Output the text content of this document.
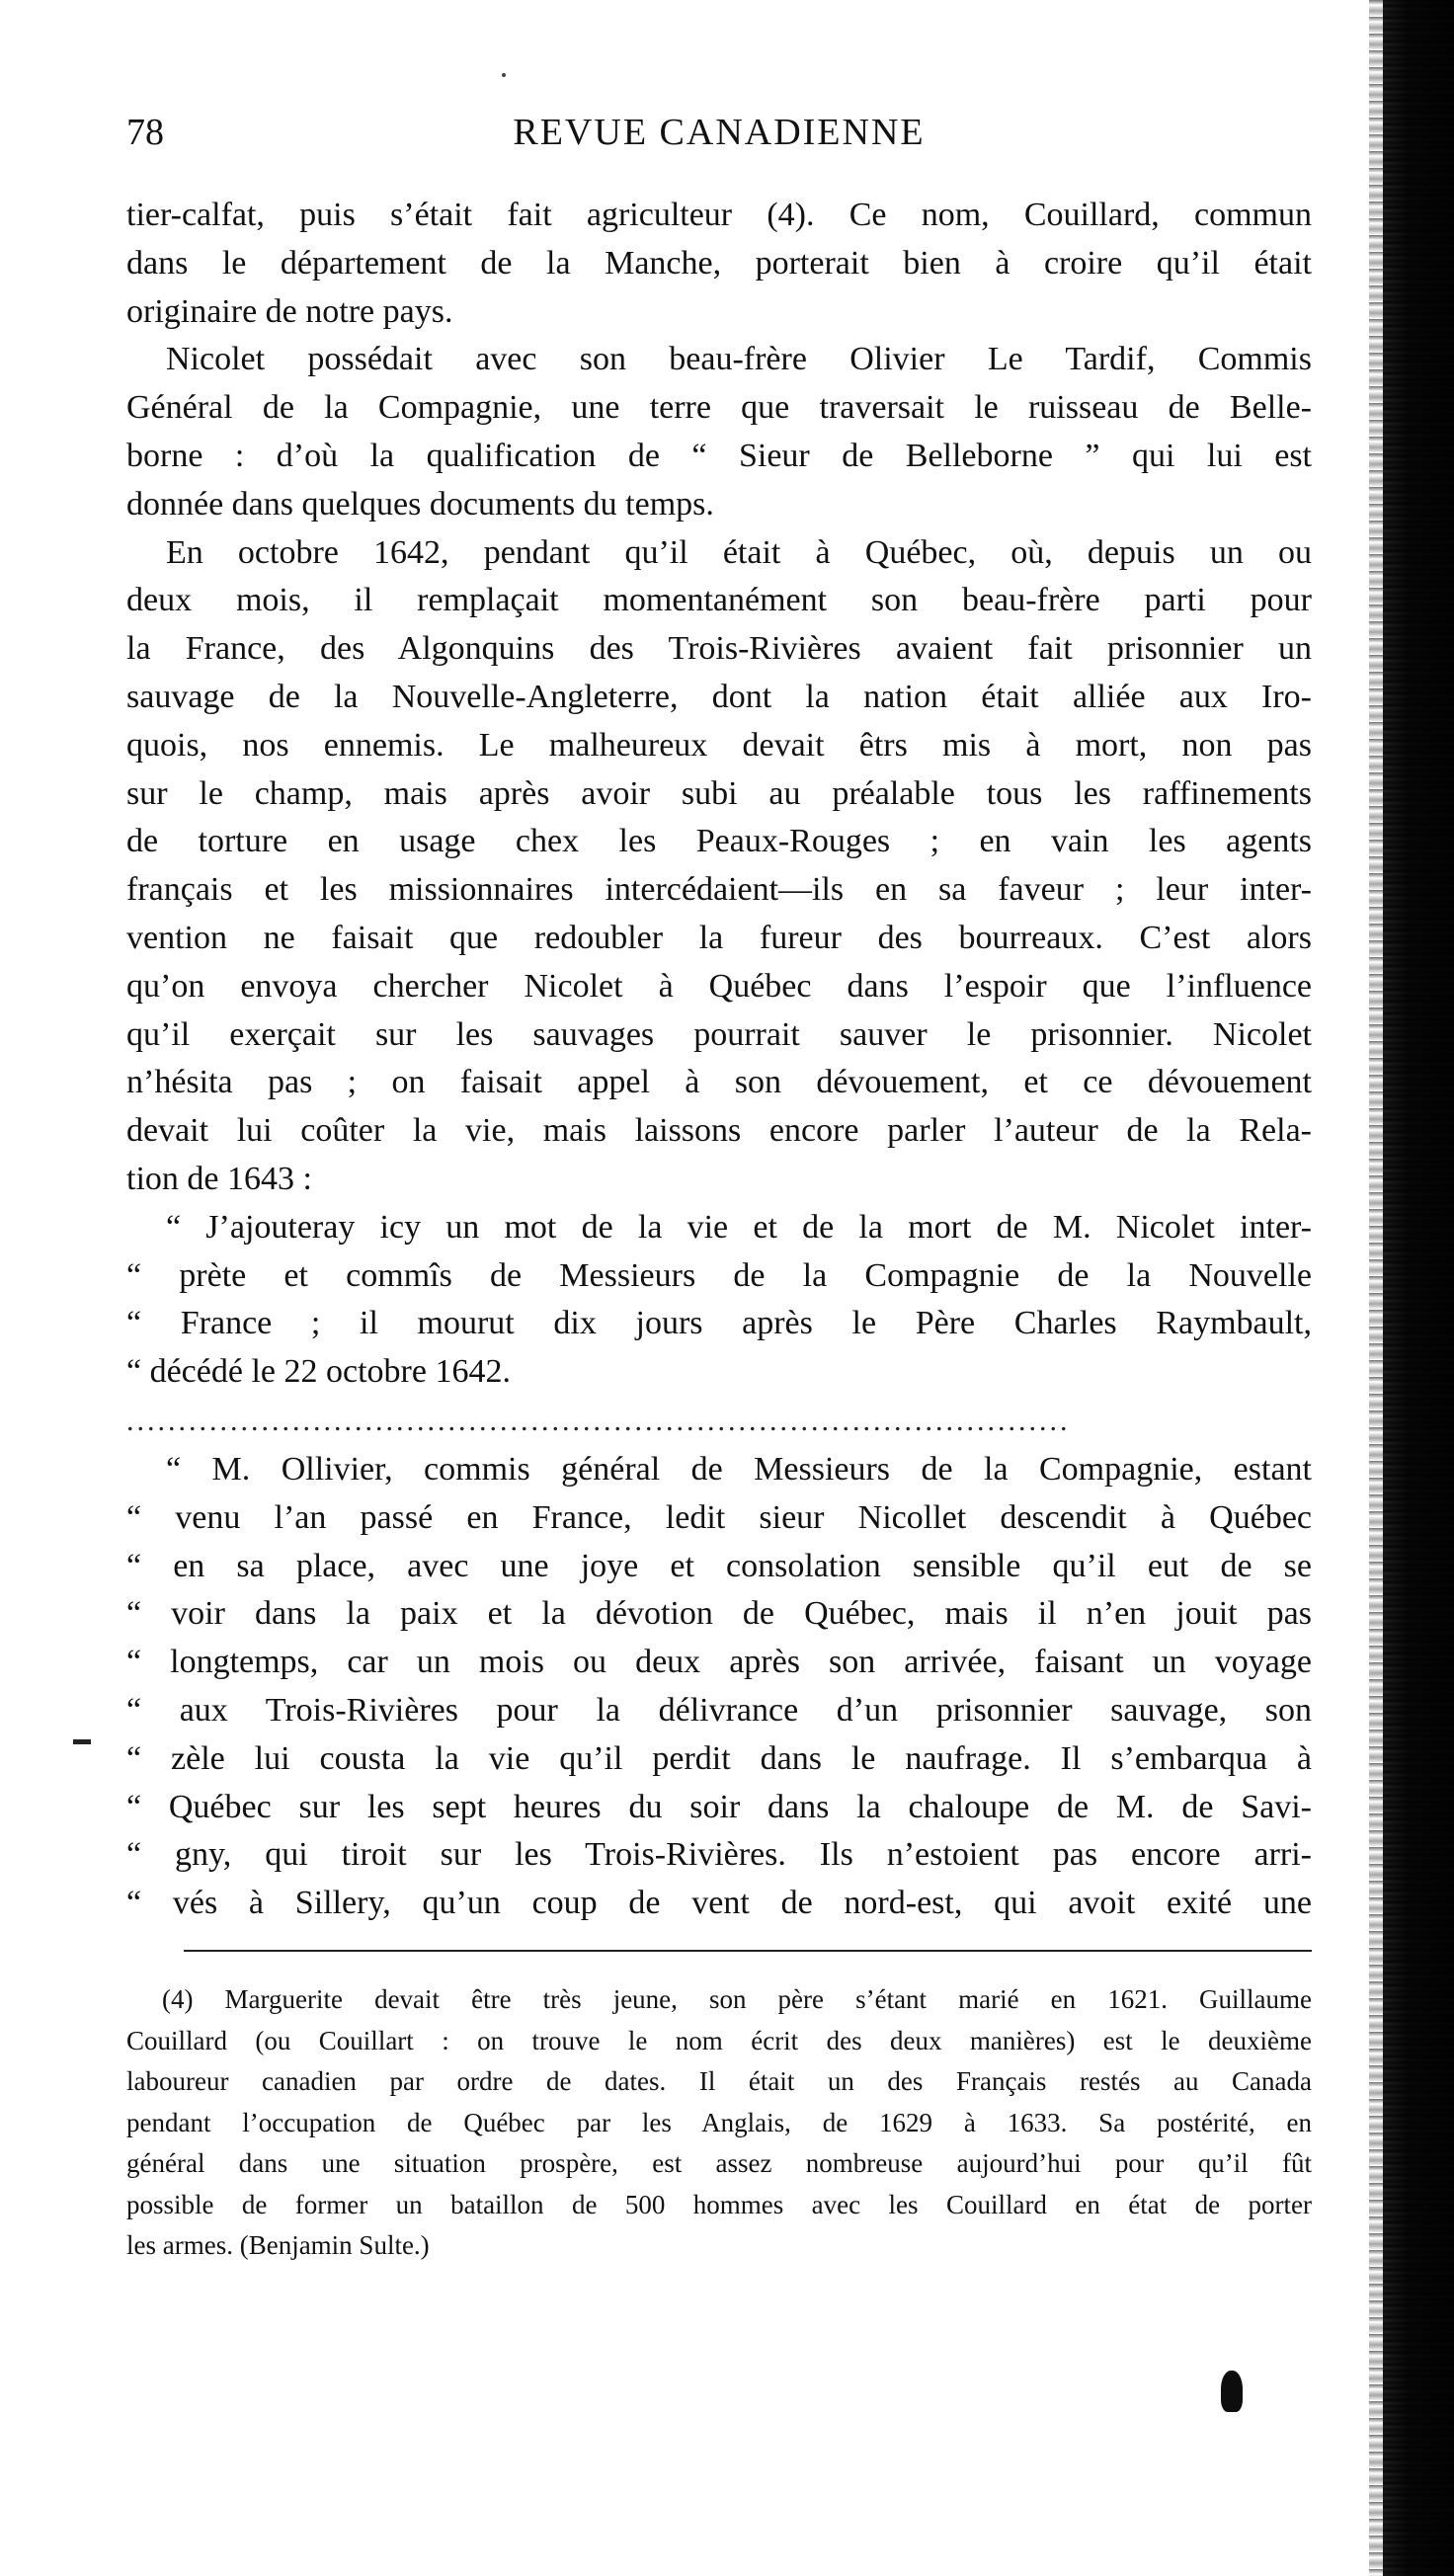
78	REVUE CANADIENNE
tier-calfat, puis s’était fait agriculteur (4). Ce nom, Couillard, commun
dans le département de la Manche, porterait bien à croire qu’il était
originaire de notre pays.
Nicolet possédait avec son beau-frère Olivier Le Tardif, Commis
Général de la Compagnie, une terre que traversait le ruisseau de Belle-
borne : d’où la qualification de “ Sieur de Belleborne ” qui lui est
donnée dans quelques documents du temps.
En octobre 1642, pendant qu’il était à Québec, où, depuis un ou
deux mois, il remplaçait momentanément son beau-frère parti pour
la France, des Algonquins des Trois-Rivières avaient fait prisonnier un
sauvage de la Nouvelle-Angleterre, dont la nation était alliée aux Iro-
quois, nos ennemis. Le malheureux devait êtrs mis à mort, non pas
sur le champ, mais après avoir subi au préalable tous les raffinements
de torture en usage chex les Peaux-Rouges ; en vain les agents
français et les missionnaires intercédaient—ils en sa faveur ; leur inter-
vention ne faisait que redoubler la fureur des bourreaux. C’est alors
qu’on envoya chercher Nicolet à Québec dans l’espoir que l’influence
qu’il exerçait sur les sauvages pourrait sauver le prisonnier. Nicolet
n’hésita pas ; on faisait appel à son dévouement, et ce dévouement
devait lui coûter la vie, mais laissons encore parler l’auteur de la Rela-
tion de 1643 :
“ J’ajouteray icy un mot de la vie et de la mort de M. Nicolet inter-
“ prète et commîs de Messieurs de la Compagnie de la Nouvelle
“ France ; il mourut dix jours après le Père Charles Raymbault,
“ décédé le 22 octobre 1642.
...........................................................................................
“ M. Ollivier, commis général de Messieurs de la Compagnie, estant
“ venu l’an passé en France, ledit sieur Nicollet descendit à Québec
“ en sa place, avec une joye et consolation sensible qu’il eut de se
“ voir dans la paix et la dévotion de Québec, mais il n’en jouit pas
“ longtemps, car un mois ou deux après son arrivée, faisant un voyage
“ aux Trois-Rivières pour la délivrance d’un prisonnier sauvage, son
“ zèle lui cousta la vie qu’il perdit dans le naufrage. Il s’embarqua à
“ Québec sur les sept heures du soir dans la chaloupe de M. de Savi-
“ gny, qui tiroit sur les Trois-Rivières. Ils n’estoient pas encore arri-
“ vés à Sillery, qu’un coup de vent de nord-est, qui avoit exité une
(4) Marguerite devait être très jeune, son père s’étant marié en 1621. Guillaume
Couillard (ou Couillart : on trouve le nom écrit des deux manières) est le deuxième
laboureur canadien par ordre de dates. Il était un des Français restés au Canada
pendant l’occupation de Québec par les Anglais, de 1629 à 1633. Sa postérité, en
général dans une situation prospère, est assez nombreuse aujourd’hui pour qu’il fût
possible de former un bataillon de 500 hommes avec les Couillard en état de porter
les armes. (Benjamin Sulte.)
